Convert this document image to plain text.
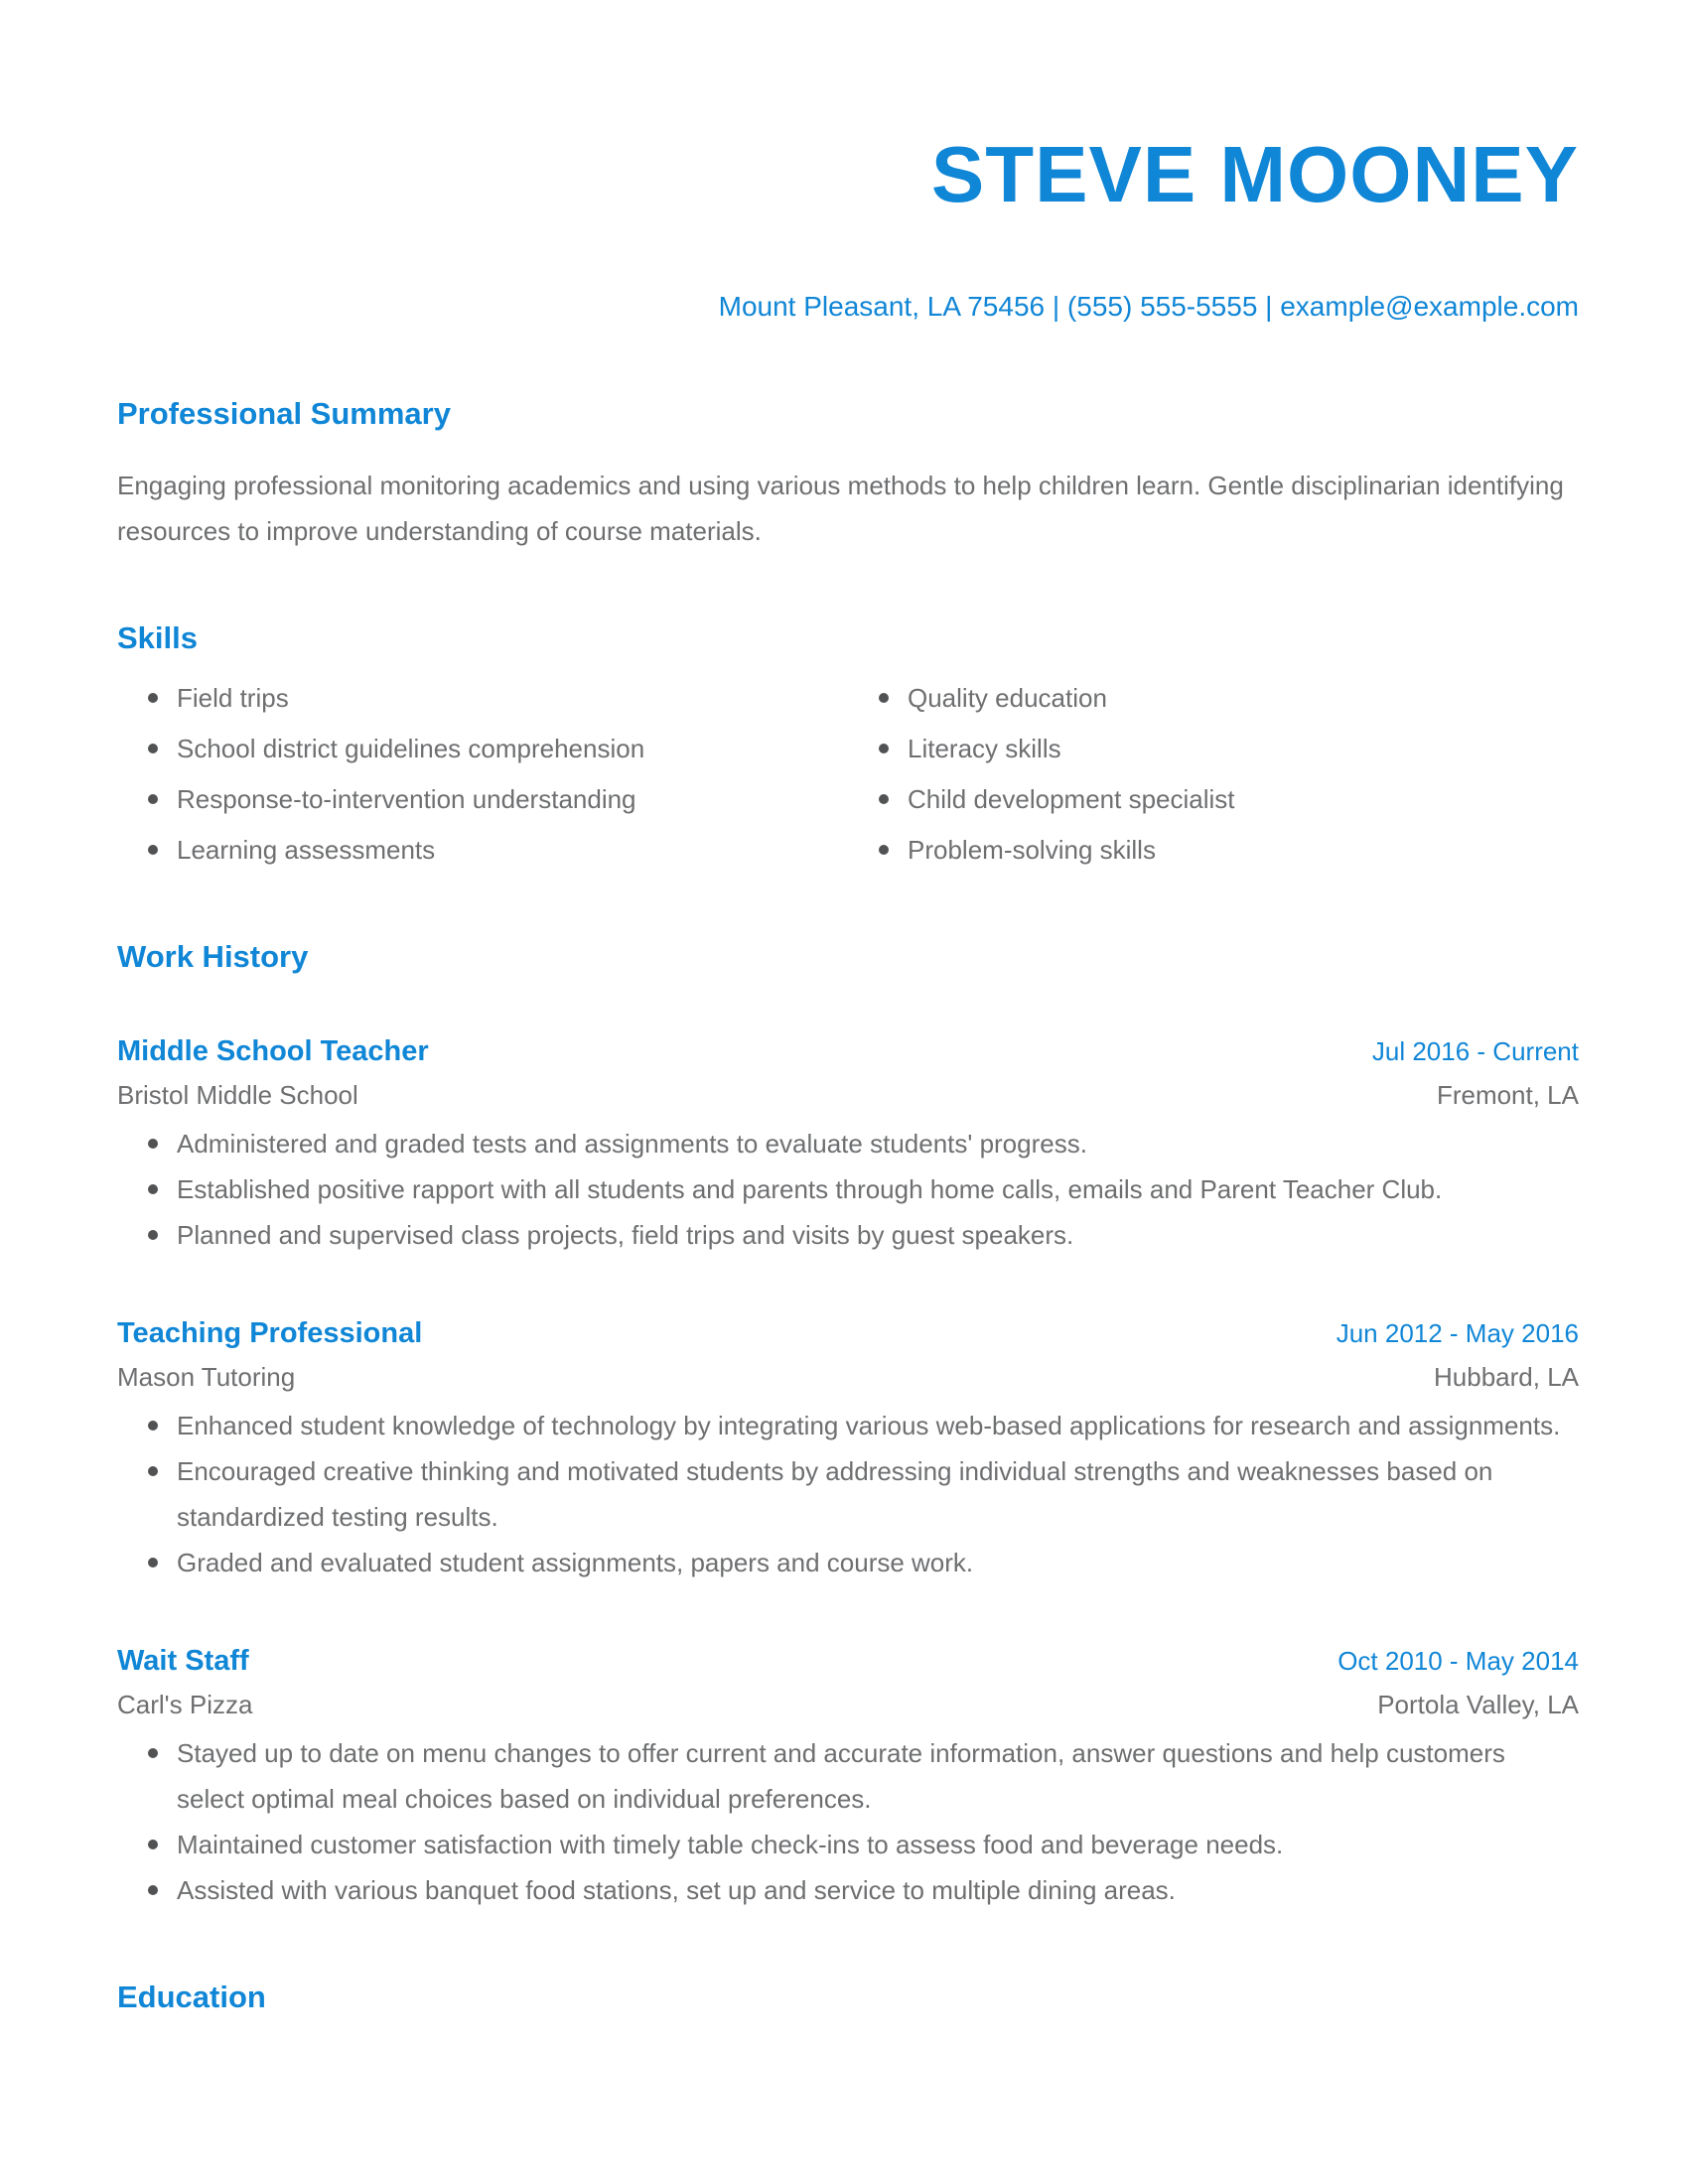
STEVE MOONEY
Mount Pleasant, LA 75456 | (555) 555-5555 | example@example.com
Professional Summary

Engaging professional monitoring academics and using various methods to help children learn. Gentle disciplinarian identifying resources to improve understanding of course materials.

Skills
Field trips
School district guidelines comprehension
Response-to-intervention understanding
Learning assessments
Quality education
Literacy skills
Child development specialist
Problem-solving skills
Work History
Middle School Teacher	Jul 2016 - Current
Bristol Middle School	Fremont, LA
Administered and graded tests and assignments to evaluate students' progress.
Established positive rapport with all students and parents through home calls, emails and Parent Teacher Club.
Planned and supervised class projects, field trips and visits by guest speakers.
Teaching Professional	Jun 2012 - May 2016
Mason Tutoring	Hubbard, LA
Enhanced student knowledge of technology by integrating various web-based applications for research and assignments.
Encouraged creative thinking and motivated students by addressing individual strengths and weaknesses based on standardized testing results.
Graded and evaluated student assignments, papers and course work.
Wait Staff	Oct 2010 - May 2014
Carl's Pizza	Portola Valley, LA
Stayed up to date on menu changes to offer current and accurate information, answer questions and help customers select optimal meal choices based on individual preferences.
Maintained customer satisfaction with timely table check-ins to assess food and beverage needs.
Assisted with various banquet food stations, set up and service to multiple dining areas.
Education
